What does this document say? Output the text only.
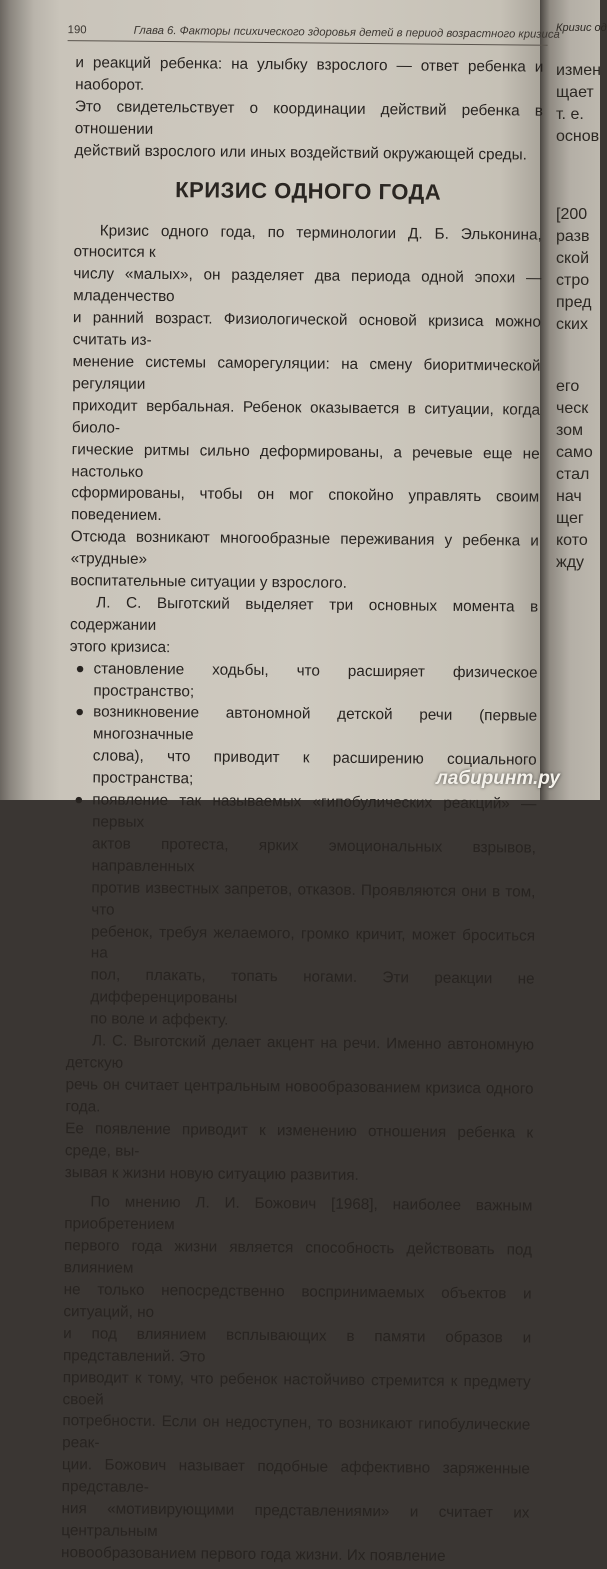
Кризис од
измен
щает
т. е.
основ
[200
разв
ской
стро
пред
ских
его
ческ
зом
само
стал
нач
щег
кото
жду
190	Глава 6. Факторы психического здоровья детей в период возрастного кризиса

и реакций ребенка: на улыбку взрослого — ответ ребенка и наоборот.

Это свидетельствует о координации действий ребенка в отношении

действий взрослого или иных воздействий окружающей среды.

КРИЗИС ОДНОГО ГОДА

Кризис одного года, по терминологии Д. Б. Эльконина, относится к

числу «малых», он разделяет два периода одной эпохи — младенчество

и ранний возраст. Физиологической основой кризиса можно считать из-

менение системы саморегуляции: на смену биоритмической регуляции

приходит вербальная. Ребенок оказывается в ситуации, когда биоло-

гические ритмы сильно деформированы, а речевые еще не настолько

сформированы, чтобы он мог спокойно управлять своим поведением.

Отсюда возникают многообразные переживания у ребенка и «трудные»

воспитательные ситуации у взрослого.

Л. С. Выготский выделяет три основных момента в содержании

этого кризиса:

● становление ходьбы, что расширяет физическое пространство;
● возникновение автономной детской речи (первые многозначные
слова), что приводит к расширению социального пространства;
● появление так называемых «гипобулических реакций» — первых
актов протеста, ярких эмоциональных взрывов, направленных
против известных запретов, отказов. Проявляются они в том, что
ребенок, требуя желаемого, громко кричит, может броситься на
пол, плакать, топать ногами. Эти реакции не дифференцированы
по воле и аффекту.

Л. С. Выготский делает акцент на речи. Именно автономную детскую

речь он считает центральным новообразованием кризиса одного года.

Ее появление приводит к изменению отношения ребенка к среде, вы-

зывая к жизни новую ситуацию развития.

По мнению Л. И. Божович [1968], наиболее важным приобретением

первого года жизни является способность действовать под влиянием

не только непосредственно воспринимаемых объектов и ситуаций, но

и под влиянием всплывающих в памяти образов и представлений. Это

приводит к тому, что ребенок настойчиво стремится к предмету своей

потребности. Если он недоступен, то возникают гипобулические реак-

ции. Божович называет подобные аффективно заряженные представле-

ния «мотивирующими представлениями» и считает их центральным

новообразованием первого года жизни. Их появление

лабиринт.ру
